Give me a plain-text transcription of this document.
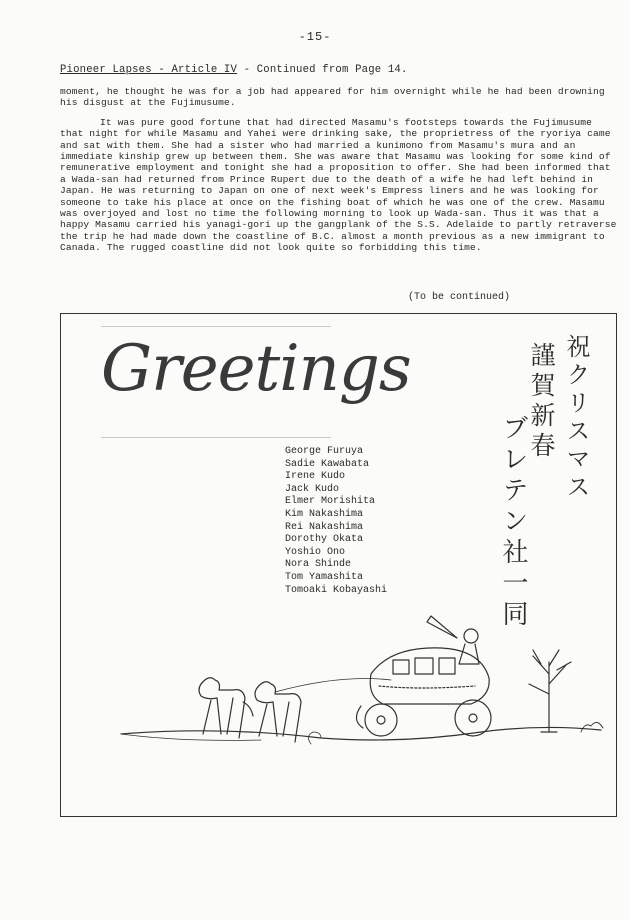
-15-
Pioneer Lapses - Article IV - Continued from Page 14.

moment, he thought he was for a job had appeared for him overnight while he had been drowning his disgust at the Fujimusume.

It was pure good fortune that had directed Masamu's footsteps towards the Fujimusume that night for while Masamu and Yahei were drinking sake, the proprietress of the ryoriya came and sat with them. She had a sister who had married a kunimono from Masamu's mura and an immediate kinship grew up between them. She was aware that Masamu was looking for some kind of remunerative employment and tonight she had a proposition to offer. She had been informed that a Wada-san had returned from Prince Rupert due to the death of a wife he had left behind in Japan. He was returning to Japan on one of next week's Empress liners and he was looking for someone to take his place at once on the fishing boat of which he was one of the crew. Masamu was overjoyed and lost no time the following morning to look up Wada-san. Thus it was that a happy Masamu carried his yanagi-gori up the gangplank of the S.S. Adelaide to partly retraverse the trip he had made down the coastline of B.C. almost a month previous as a new immigrant to Canada. The rugged coastline did not look quite so forbidding this time.

(To be continued)
Greetings
George Furuya
Sadie Kawabata
Irene Kudo
Jack Kudo
Elmer Morishita
Kim Nakashima
Rei Nakashima
Dorothy Okata
Yoshio Ono
Nora Shinde
Tom Yamashita
Tomoaki Kobayashi
祝クリスマス
謹賀新春
ブレテン社一同
